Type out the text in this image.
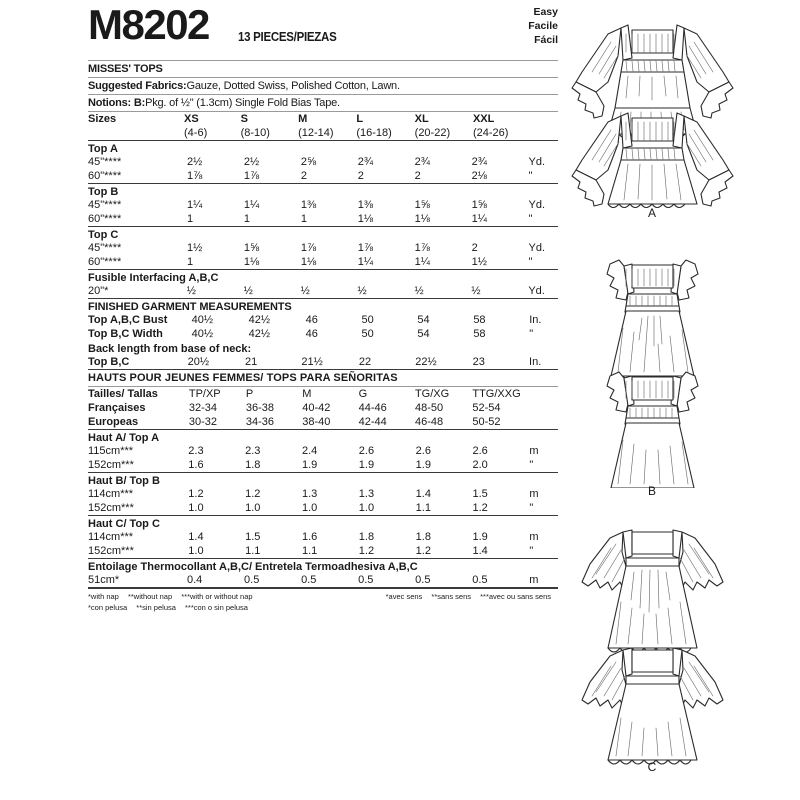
M8202 13 PIECES/PIEZAS
Easy
Facile
Fácil
MISSES' TOPS
Suggested Fabrics:Gauze, Dotted Swiss, Polished Cotton, Lawn.
Notions: B:Pkg. of ½" (1.3cm) Single Fold Bias Tape.
Sizes	XS	S	M	L	XL	XXL	
	(4-6)	(8-10)	(12-14)	(16-18)	(20-22)	(24-26)	
Top A
45"****	2½	2½	2⅝	2¾	2¾	2¾	Yd.
60"****	1⅞	1⅞	2	2	2	2⅛	"
Top B
45"****	1¼	1¼	1⅜	1⅜	1⅝	1⅝	Yd.
60"****	1	1	1	1⅛	1⅛	1¼	"
Top C
45"****	1½	1⅝	1⅞	1⅞	1⅞	2	Yd.
60"****	1	1⅛	1⅛	1¼	1¼	1½	"
Fusible Interfacing A,B,C
20"*	½	½	½	½	½	½	Yd.
FINISHED GARMENT MEASUREMENTS
Top A,B,C Bust	40½	42½	46	50	54	58	In.
Top B,C Width	40½	42½	46	50	54	58	"
Back length from base of neck:
Top B,C	20½	21	21½	22	22½	23	In.
HAUTS POUR JEUNES FEMMES/ TOPS PARA SEÑORITAS
Tailles/ Tallas	TP/XP	P	M	G	TG/XG	TTG/XXG	
Françaises	32-34	36-38	40-42	44-46	48-50	52-54	
Europeas	30-32	34-36	38-40	42-44	46-48	50-52	
Haut A/ Top A
115cm***	2.3	2.3	2.4	2.6	2.6	2.6	m
152cm***	1.6	1.8	1.9	1.9	1.9	2.0	"
Haut B/ Top B
114cm***	1.2	1.2	1.3	1.3	1.4	1.5	m
152cm***	1.0	1.0	1.0	1.0	1.1	1.2	"
Haut C/ Top C
114cm***	1.4	1.5	1.6	1.8	1.8	1.9	m
152cm***	1.0	1.1	1.1	1.2	1.2	1.4	"
Entoilage Thermocollant A,B,C/ Entretela Termoadhesiva A,B,C
51cm*	0.4	0.5	0.5	0.5	0.5	0.5	m
*with nap **without nap ***with or without nap
*con pelusa **sin pelusa ***con o sin pelusa
*avec sens **sans sens ***avec ou sans sens
A
B
C
